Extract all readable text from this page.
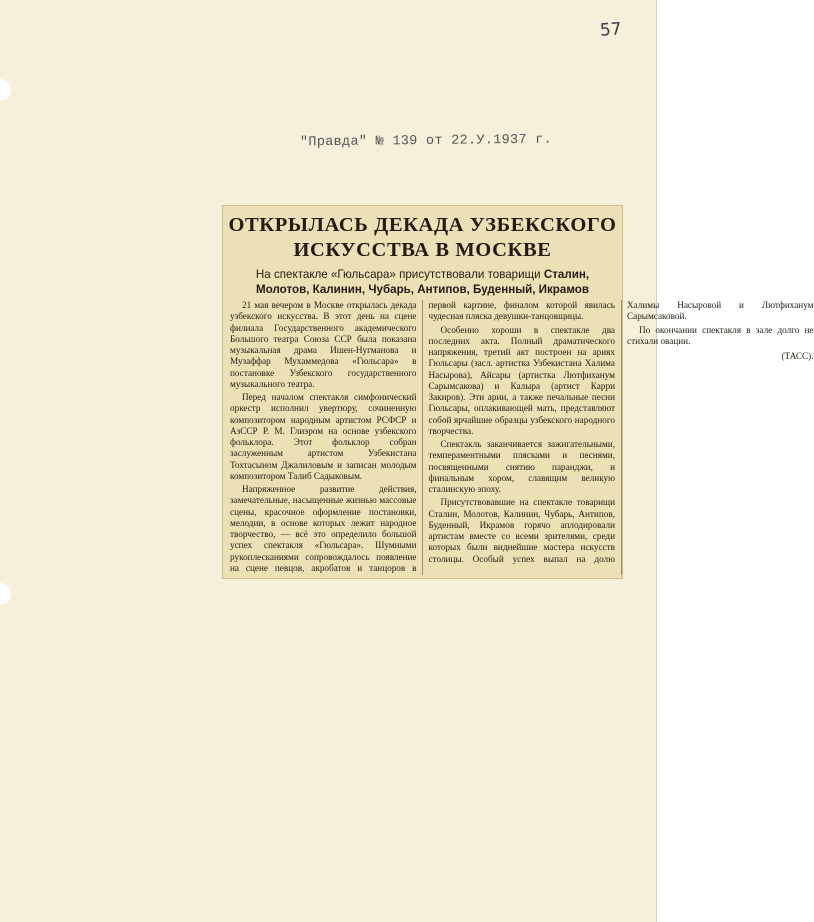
57
"Правда" № 139 от 22.У.1937 г.
ОТКРЫЛАСЬ ДЕКАДА УЗБЕКСКОГО
ИСКУССТВА В МОСКВЕ
На спектакле «Гюльсара» присутствовали товарищи Сталин,
Молотов, Калинин, Чубарь, Антипов, Буденный, Икрамов

21 мая вечером в Москве открылась декада узбекского искусства. В этот день на сцене филиала Государственного академического Большого театра Союза ССР была показана музыкальная драма Ишен-Нугманова и Музаффар Мухаммедова «Гюльсара» в постановке Узбекского государственного музыкального театра.

Перед началом спектакля симфонический оркестр исполнил увертюру, сочиненную композитором народным артистом РСФСР и АзССР Р. М. Глиэром на основе узбекского фольклора. Этот фольклор собран заслуженным артистом Узбекистана Тохтасыном Джалиловым и записан молодым композитором Талиб Садыковым.

Напряженное развитие действия, замечательные, насыщенные жизнью массовые сцены, красочное оформление постановки, мелодии, в основе которых лежит народное творчество, — всё это определило большой успех спектакля «Гюльсара». Шумными рукоплесканиями сопровождалось появление на сцене певцов, акробатов и танцоров в первой картине, финалом которой явилась чудесная пляска девушки-танцовщицы.

Особенно хороши в спектакле два последних акта. Полный драматического напряжения, третий акт построен на ариях Гюльсары (засл. артистка Узбекистана Халима Насырова), Айсары (артистка Лютфиханум Сарымсакова) и Калыра (артист Карри Закиров). Эти арии, а также печальные песни Гюльсары, оплакивающей мать, представляют собой ярчайшие образцы узбекского народного творчества.

Спектакль заканчивается зажигательными, темпераментными плясками и песнями, посвященными снятию паранджи, и финальным хором, славящим великую сталинскую эпоху.

Присутствовавшие на спектакле товарищи Сталин, Молотов, Калинин, Чубарь, Антипов, Буденный, Икрамов горячо аплодировали артистам вместе со всеми зрителями, среди которых были виднейшие мастера искусств столицы. Особый успех выпал на долю Халимы Насыровой и Лютфиханум Сарымсаковой.

По окончании спектакля в зале долго не стихали овации.

(ТАСС).
